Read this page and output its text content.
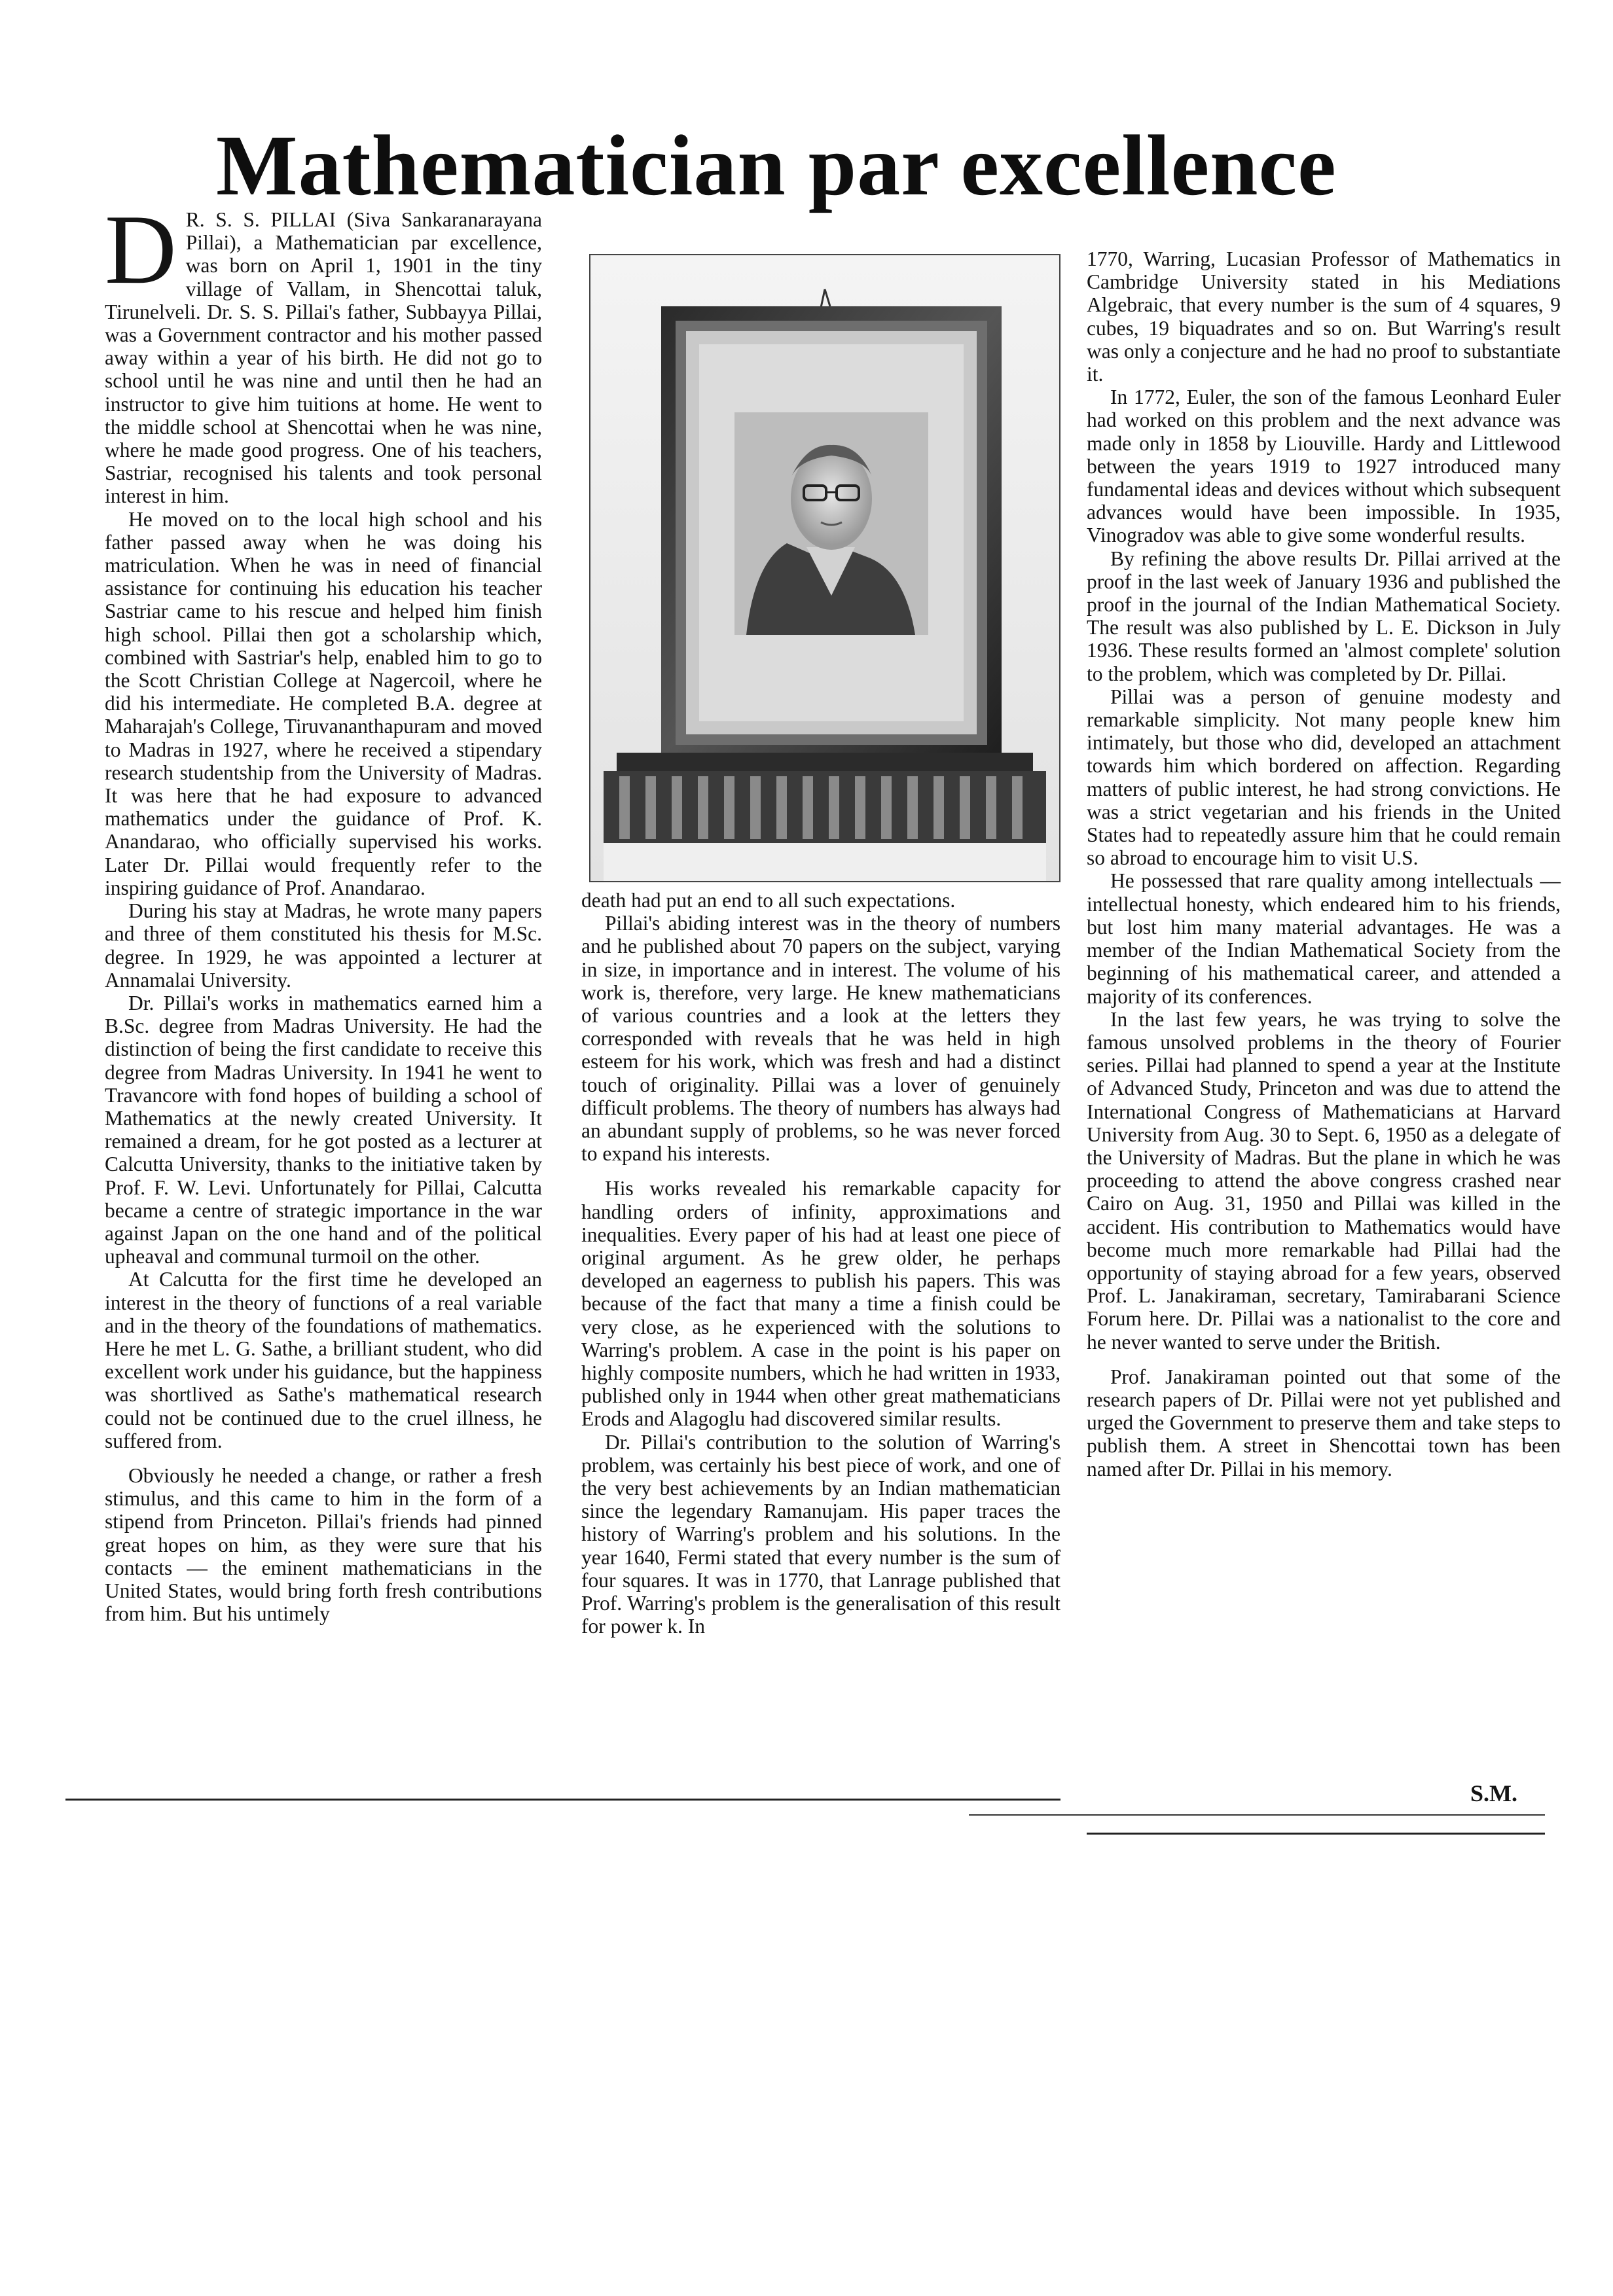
Mathematician par excellence

D R. S. S. PILLAI (Siva Sankaranarayana Pillai), a Mathematician par excellence, was born on April 1, 1901 in the tiny village of Vallam, in Shencottai taluk, Tirunelveli. Dr. S. S. Pillai's father, Subbayya Pillai, was a Government contractor and his mother passed away within a year of his birth. He did not go to school until he was nine and until then he had an instructor to give him tuitions at home. He went to the middle school at Shencottai when he was nine, where he made good progress. One of his teachers, Sastriar, recognised his talents and took personal interest in him.

He moved on to the local high school and his father passed away when he was doing his matriculation. When he was in need of financial assistance for continuing his education his teacher Sastriar came to his rescue and helped him finish high school. Pillai then got a scholarship which, combined with Sastriar's help, enabled him to go to the Scott Christian College at Nagercoil, where he did his intermediate. He completed B.A. degree at Maharajah's College, Tiruvananthapuram and moved to Madras in 1927, where he received a stipendary research studentship from the University of Madras. It was here that he had exposure to advanced mathematics under the guidance of Prof. K. Anandarao, who officially supervised his works. Later Dr. Pillai would frequently refer to the inspiring guidance of Prof. Anandarao.

During his stay at Madras, he wrote many papers and three of them constituted his thesis for M.Sc. degree. In 1929, he was appointed a lecturer at Annamalai University.

Dr. Pillai's works in mathematics earned him a B.Sc. degree from Madras University. He had the distinction of being the first candidate to receive this degree from Madras University. In 1941 he went to Travancore with fond hopes of building a school of Mathematics at the newly created University. It remained a dream, for he got posted as a lecturer at Calcutta University, thanks to the initiative taken by Prof. F. W. Levi. Unfortunately for Pillai, Calcutta became a centre of strategic importance in the war against Japan on the one hand and of the political upheaval and communal turmoil on the other.

At Calcutta for the first time he developed an interest in the theory of functions of a real variable and in the theory of the foundations of mathematics. Here he met L. G. Sathe, a brilliant student, who did excellent work under his guidance, but the happiness was shortlived as Sathe's mathematical research could not be continued due to the cruel illness, he suffered from.

Obviously he needed a change, or rather a fresh stimulus, and this came to him in the form of a stipend from Princeton. Pillai's friends had pinned great hopes on him, as they were sure that his contacts — the eminent mathematicians in the United States, would bring forth fresh contributions from him. But his untimely

death had put an end to all such expectations.

Pillai's abiding interest was in the theory of numbers and he published about 70 papers on the subject, varying in size, in importance and in interest. The volume of his work is, therefore, very large. He knew mathematicians of various countries and a look at the letters they corresponded with reveals that he was held in high esteem for his work, which was fresh and had a distinct touch of originality. Pillai was a lover of genuinely difficult problems. The theory of numbers has always had an abundant supply of problems, so he was never forced to expand his interests.

His works revealed his remarkable capacity for handling orders of infinity, approximations and inequalities. Every paper of his had at least one piece of original argument. As he grew older, he perhaps developed an eagerness to publish his papers. This was because of the fact that many a time a finish could be very close, as he experienced with the solutions to Warring's problem. A case in the point is his paper on highly composite numbers, which he had written in 1933, published only in 1944 when other great mathematicians Erods and Alagoglu had discovered similar results.

Dr. Pillai's contribution to the solution of Warring's problem, was certainly his best piece of work, and one of the very best achievements by an Indian mathematician since the legendary Ramanujam. His paper traces the history of Warring's problem and his solutions. In the year 1640, Fermi stated that every number is the sum of four squares. It was in 1770, that Lanrage published that Prof. Warring's problem is the generalisation of this result for power k. In

1770, Warring, Lucasian Professor of Mathematics in Cambridge University stated in his Mediations Algebraic, that every number is the sum of 4 squares, 9 cubes, 19 biquadrates and so on. But Warring's result was only a conjecture and he had no proof to substantiate it.

In 1772, Euler, the son of the famous Leonhard Euler had worked on this problem and the next advance was made only in 1858 by Liouville. Hardy and Littlewood between the years 1919 to 1927 introduced many fundamental ideas and devices without which subsequent advances would have been impossible. In 1935, Vinogradov was able to give some wonderful results.

By refining the above results Dr. Pillai arrived at the proof in the last week of January 1936 and published the proof in the journal of the Indian Mathematical Society. The result was also published by L. E. Dickson in July 1936. These results formed an 'almost complete' solution to the problem, which was completed by Dr. Pillai.

Pillai was a person of genuine modesty and remarkable simplicity. Not many people knew him intimately, but those who did, developed an attachment towards him which bordered on affection. Regarding matters of public interest, he had strong convictions. He was a strict vegetarian and his friends in the United States had to repeatedly assure him that he could remain so abroad to encourage him to visit U.S.

He possessed that rare quality among intellectuals — intellectual honesty, which endeared him to his friends, but lost him many material advantages. He was a member of the Indian Mathematical Society from the beginning of his mathematical career, and attended a majority of its conferences.

In the last few years, he was trying to solve the famous unsolved problems in the theory of Fourier series. Pillai had planned to spend a year at the Institute of Advanced Study, Princeton and was due to attend the International Congress of Mathematicians at Harvard University from Aug. 30 to Sept. 6, 1950 as a delegate of the University of Madras. But the plane in which he was proceeding to attend the above congress crashed near Cairo on Aug. 31, 1950 and Pillai was killed in the accident. His contribution to Mathematics would have become much more remarkable had Pillai had the opportunity of staying abroad for a few years, observed Prof. L. Janakiraman, secretary, Tamirabarani Science Forum here. Dr. Pillai was a nationalist to the core and he never wanted to serve under the British.

Prof. Janakiraman pointed out that some of the research papers of Dr. Pillai were not yet published and urged the Government to preserve them and take steps to publish them. A street in Shencottai town has been named after Dr. Pillai in his memory.

S.M.
